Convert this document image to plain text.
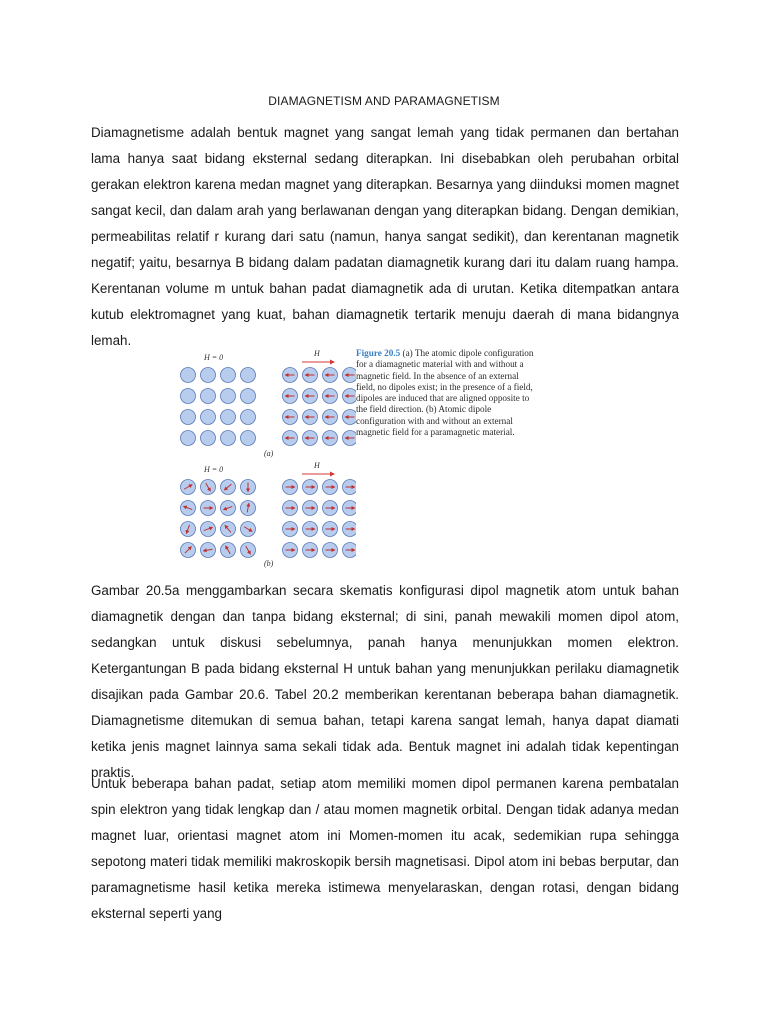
DIAMAGNETISM AND PARAMAGNETISM

Diamagnetisme adalah bentuk magnet yang sangat lemah yang tidak permanen dan bertahan lama hanya saat bidang eksternal sedang diterapkan. Ini disebabkan oleh perubahan orbital gerakan elektron karena medan magnet yang diterapkan. Besarnya yang diinduksi momen magnet sangat kecil, dan dalam arah yang berlawanan dengan yang diterapkan bidang. Dengan demikian, permeabilitas relatif r kurang dari satu (namun, hanya sangat sedikit), dan kerentanan magnetik negatif; yaitu, besarnya B bidang dalam padatan diamagnetik kurang dari itu dalam ruang hampa. Kerentanan volume m untuk bahan padat diamagnetik ada di urutan. Ketika ditempatkan antara kutub elektromagnet yang kuat, bahan diamagnetik tertarik menuju daerah di mana bidangnya lemah.

H = 0	H
(a)
H = 0	H
(b)
Figure 20.5 (a) The atomic dipole configuration for a diamagnetic material with and without a magnetic field. In the absence of an external field, no dipoles exist; in the presence of a field, dipoles are induced that are aligned opposite to the field direction. (b) Atomic dipole configuration with and without an external magnetic field for a paramagnetic material.

Gambar 20.5a menggambarkan secara skematis konfigurasi dipol magnetik atom untuk bahan diamagnetik dengan dan tanpa bidang eksternal; di sini, panah mewakili momen dipol atom, sedangkan untuk diskusi sebelumnya, panah hanya menunjukkan momen elektron. Ketergantungan B pada bidang eksternal H untuk bahan yang menunjukkan perilaku diamagnetik disajikan pada Gambar 20.6. Tabel 20.2 memberikan kerentanan beberapa bahan diamagnetik. Diamagnetisme ditemukan di semua bahan, tetapi karena sangat lemah, hanya dapat diamati ketika jenis magnet lainnya sama sekali tidak ada. Bentuk magnet ini adalah tidak kepentingan praktis.

Untuk beberapa bahan padat, setiap atom memiliki momen dipol permanen karena pembatalan spin elektron yang tidak lengkap dan / atau momen magnetik orbital. Dengan tidak adanya medan magnet luar, orientasi magnet atom ini Momen-momen itu acak, sedemikian rupa sehingga sepotong materi tidak memiliki makroskopik bersih magnetisasi. Dipol atom ini bebas berputar, dan paramagnetisme hasil ketika mereka istimewa menyelaraskan, dengan rotasi, dengan bidang eksternal seperti yang
